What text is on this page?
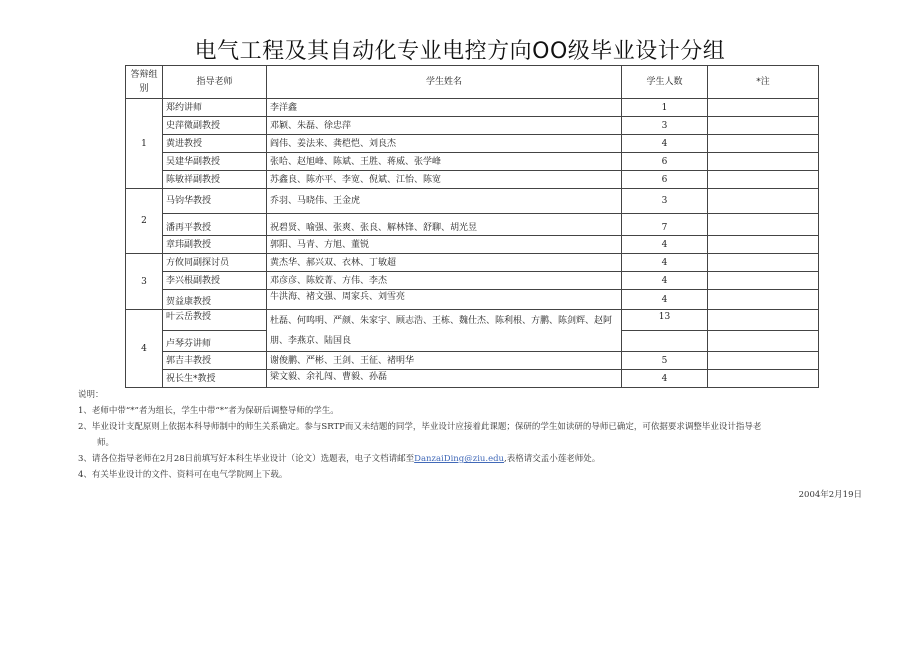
电气工程及其自动化专业电控方向OO级毕业设计分组
答辩组别	指导老师	学生姓名	学生人数	*注
1	郑约讲师	李洋鑫	1	
	史萍微副教授	邓颖、朱磊、徐忠萍	3	
	黄进教授	阎伟、姜法来、龚桤恺、刘良杰	4	
	吴建华副教授	张哈、赵旭峰、陈斌、王胜、蒋威、张学峰	6	
	陈敏祥副教授	苏鑫良、陈亦平、李宽、倪斌、江怡、陈宽	6	
2	马钧华教授	乔羽、马晓伟、王金虎	3	
	潘再平教授	祝碧贤、喻强、张爽、张良、解林锋、舒聊、胡光昱	7	
	章玮副教授	郭阳、马青、方旭、董锐	4	
3	方攸同副探讨员	黄杰华、郝兴双、衣林、丁敏超	4	
	李兴根副教授	邓彦彦、陈姣菁、方伟、李杰	4	
	贺益康教授	牛洪海、褚文强、周家兵、刘雪亮	4	
4	叶云岳教授	杜磊、何鸣明、严颜、朱家宇、顾志浩、王栋、魏仕杰、陈利根、方鹏、陈剑辉、赵阿朋、李燕京、陆国良	13	
	卢琴芬讲师			
	郭吉丰教授	谢俊鹏、严彬、王剑、王征、褚明华	5	
	祝长生*教授	梁文毅、余礼闯、曹毅、孙磊	4	

说明：

1、老师中带“*”者为组长，学生中带“*”者为保研后调整导师的学生。

2、毕业设计支配原则上依据本科导师制中的师生关系确定。参与SRTP而又未结题的同学，毕业设计应接着此课题；保研的学生如读研的导师已确定，可依据要求调整毕业设计指导老

师。

3、请各位指导老师在2月28日前填写好本科生毕业设计（论文）选题表，电子文档请邮至DanzaiDing@ziu.edu,表格请交孟小莲老师处。

4、有关毕业设计的文件、资料可在电气学院网上下载。

2004年2月19日
